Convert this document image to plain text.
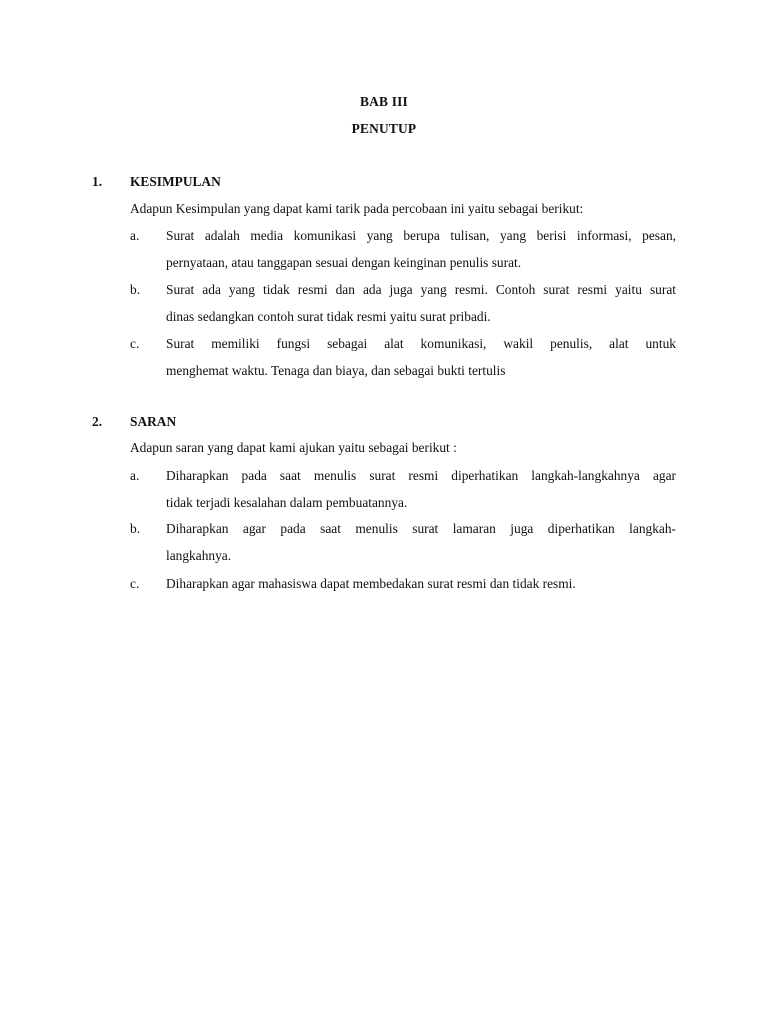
BAB III
PENUTUP
1. KESIMPULAN
Adapun Kesimpulan yang dapat kami tarik pada percobaan ini yaitu sebagai berikut:
a. Surat adalah media komunikasi yang berupa tulisan, yang berisi informasi, pesan,
pernyataan, atau tanggapan sesuai dengan keinginan penulis surat.
b. Surat ada yang tidak resmi dan ada juga yang resmi. Contoh surat resmi yaitu surat
dinas sedangkan contoh surat tidak resmi yaitu surat pribadi.
c. Surat memiliki fungsi sebagai alat komunikasi, wakil penulis, alat untuk
menghemat waktu. Tenaga dan biaya, dan sebagai bukti tertulis
2. SARAN
Adapun saran yang dapat kami ajukan yaitu sebagai berikut :
a. Diharapkan pada saat menulis surat resmi diperhatikan langkah-langkahnya agar
tidak terjadi kesalahan dalam pembuatannya.
b. Diharapkan agar pada saat menulis surat lamaran juga diperhatikan langkah-
langkahnya.
c. Diharapkan agar mahasiswa dapat membedakan surat resmi dan tidak resmi.
